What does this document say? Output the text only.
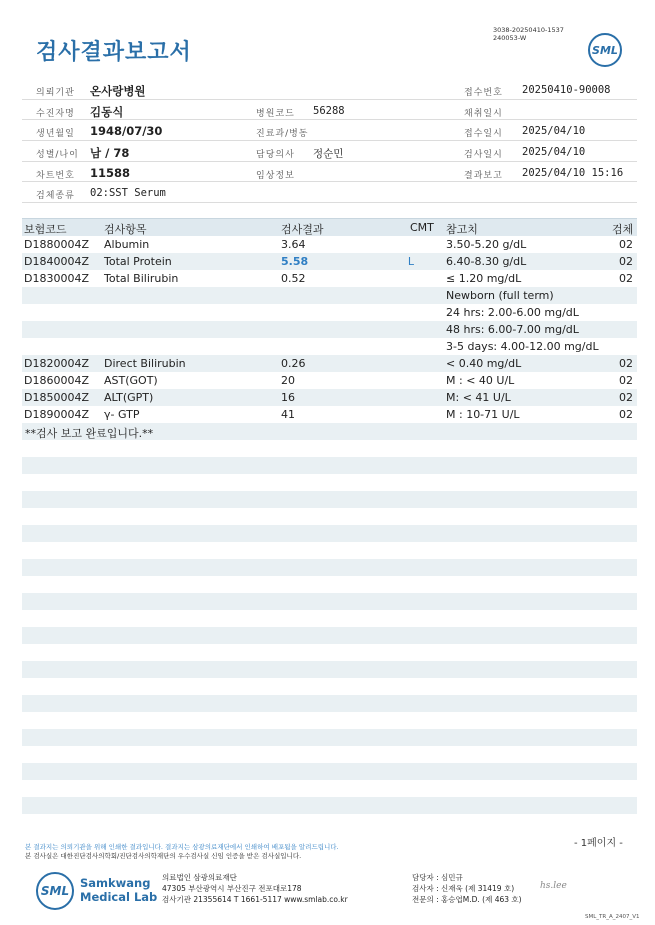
검사결과보고서
3038-20250410-1537
240053-W
SML
의뢰기관 온사랑병원	접수번호 20250410-90008
수진자명 김동식	병원코드 56288	채취일시
생년월일 1948/07/30	진료과/병동	접수일시 2025/04/10
성별/나이 남 / 78	담당의사 정순민	검사일시 2025/04/10
차트번호 11588	임상정보	결과보고 2025/04/10 15:16
검체종류 02:SST Serum
보험코드	검사항목	검사결과	CMT 참고치	검체
D1880004Z Albumin	3.64	3.50-5.20 g/dL	02
D1840004Z Total Protein	5.58	L	6.40-8.30 g/dL	02
D1830004Z Total Bilirubin	0.52	≤ 1.20 mg/dL	02
Newborn (full term)
24 hrs: 2.00-6.00 mg/dL
48 hrs: 6.00-7.00 mg/dL
3-5 days: 4.00-12.00 mg/dL
D1820004Z Direct Bilirubin	0.26	< 0.40 mg/dL	02
D1860004Z AST(GOT)	20	M : < 40 U/L	02
D1850004Z ALT(GPT)	16	M: < 41 U/L	02
D1890004Z γ- GTP	41	M : 10-71 U/L	02
**검사 보고 완료입니다.**
- 1페이지 -
본 결과지는 의뢰기관을 위해 인쇄한 결과입니다. 결과지는 삼광의료재단에서 인쇄하여 배포됨을 알려드립니다.
본 검사실은 대한진단검사의학회/진단검사의학재단의 우수검사실 신임 인증을 받은 검사실입니다.
SML
Samkwang
Medical Lab
의료법인 삼광의료재단
47305 부산광역시 부산진구 전포대로178
검사기관 21355614 T 1661-5117 www.smlab.co.kr
담당자 : 심민규
검사자 : 신재욱 (제 31419 호)
전문의 : 홍승엽M.D. (제 463 호)
hs.lee
SML_TR_A_2407_V1
